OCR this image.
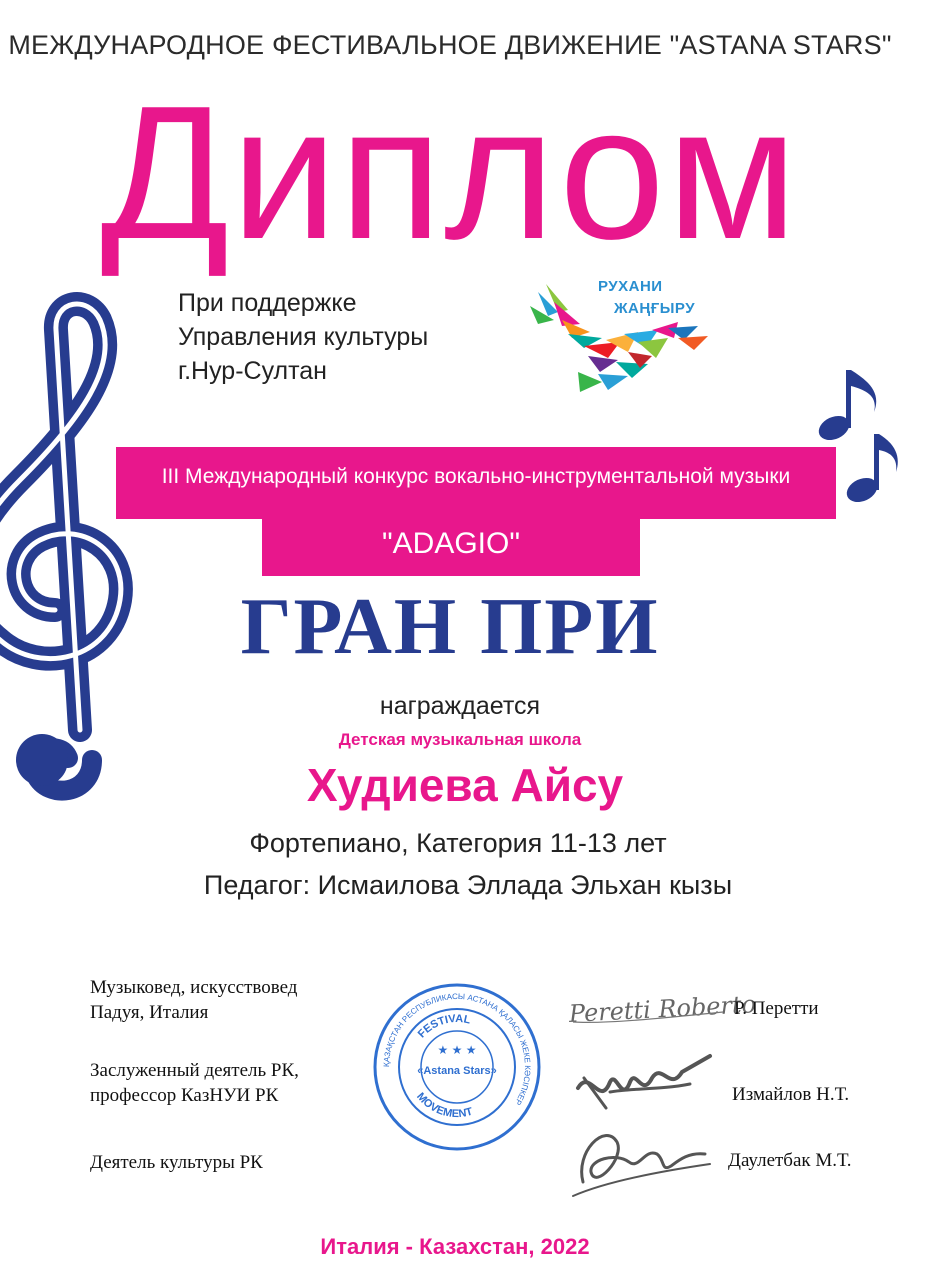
МЕЖДУНАРОДНОЕ ФЕСТИВАЛЬНОЕ ДВИЖЕНИЕ "ASTANA STARS"
Диплом
При поддержке
Управления культуры
г.Нур-Султан
РУХАНИ
ЖАҢҒЫРУ
III Международный конкурс вокально-инструментальной музыки
"ADAGIO"
ГРАН ПРИ
награждается
Детская музыкальная школа
Худиева Айсу
Фортепиано, Категория 11-13 лет
Педагог: Исмаилова Эллада Эльхан кызы
Музыковед, искусствовед
Падуя, Италия
Заслуженный деятель РК,
профессор КазНУИ РК
Деятель культуры РК
ҚАЗАҚСТАН РЕСПУБЛИКАСЫ АСТАНА ҚАЛАСЫ ЖЕКЕ КӘСІПКЕР
FESTIVAL
MOVEMENT
★ ★ ★
«Astana Stars»
Peretti Roberto
Р. Перетти
Измайлов Н.Т.
Даулетбак М.Т.
Италия - Казахстан, 2022
